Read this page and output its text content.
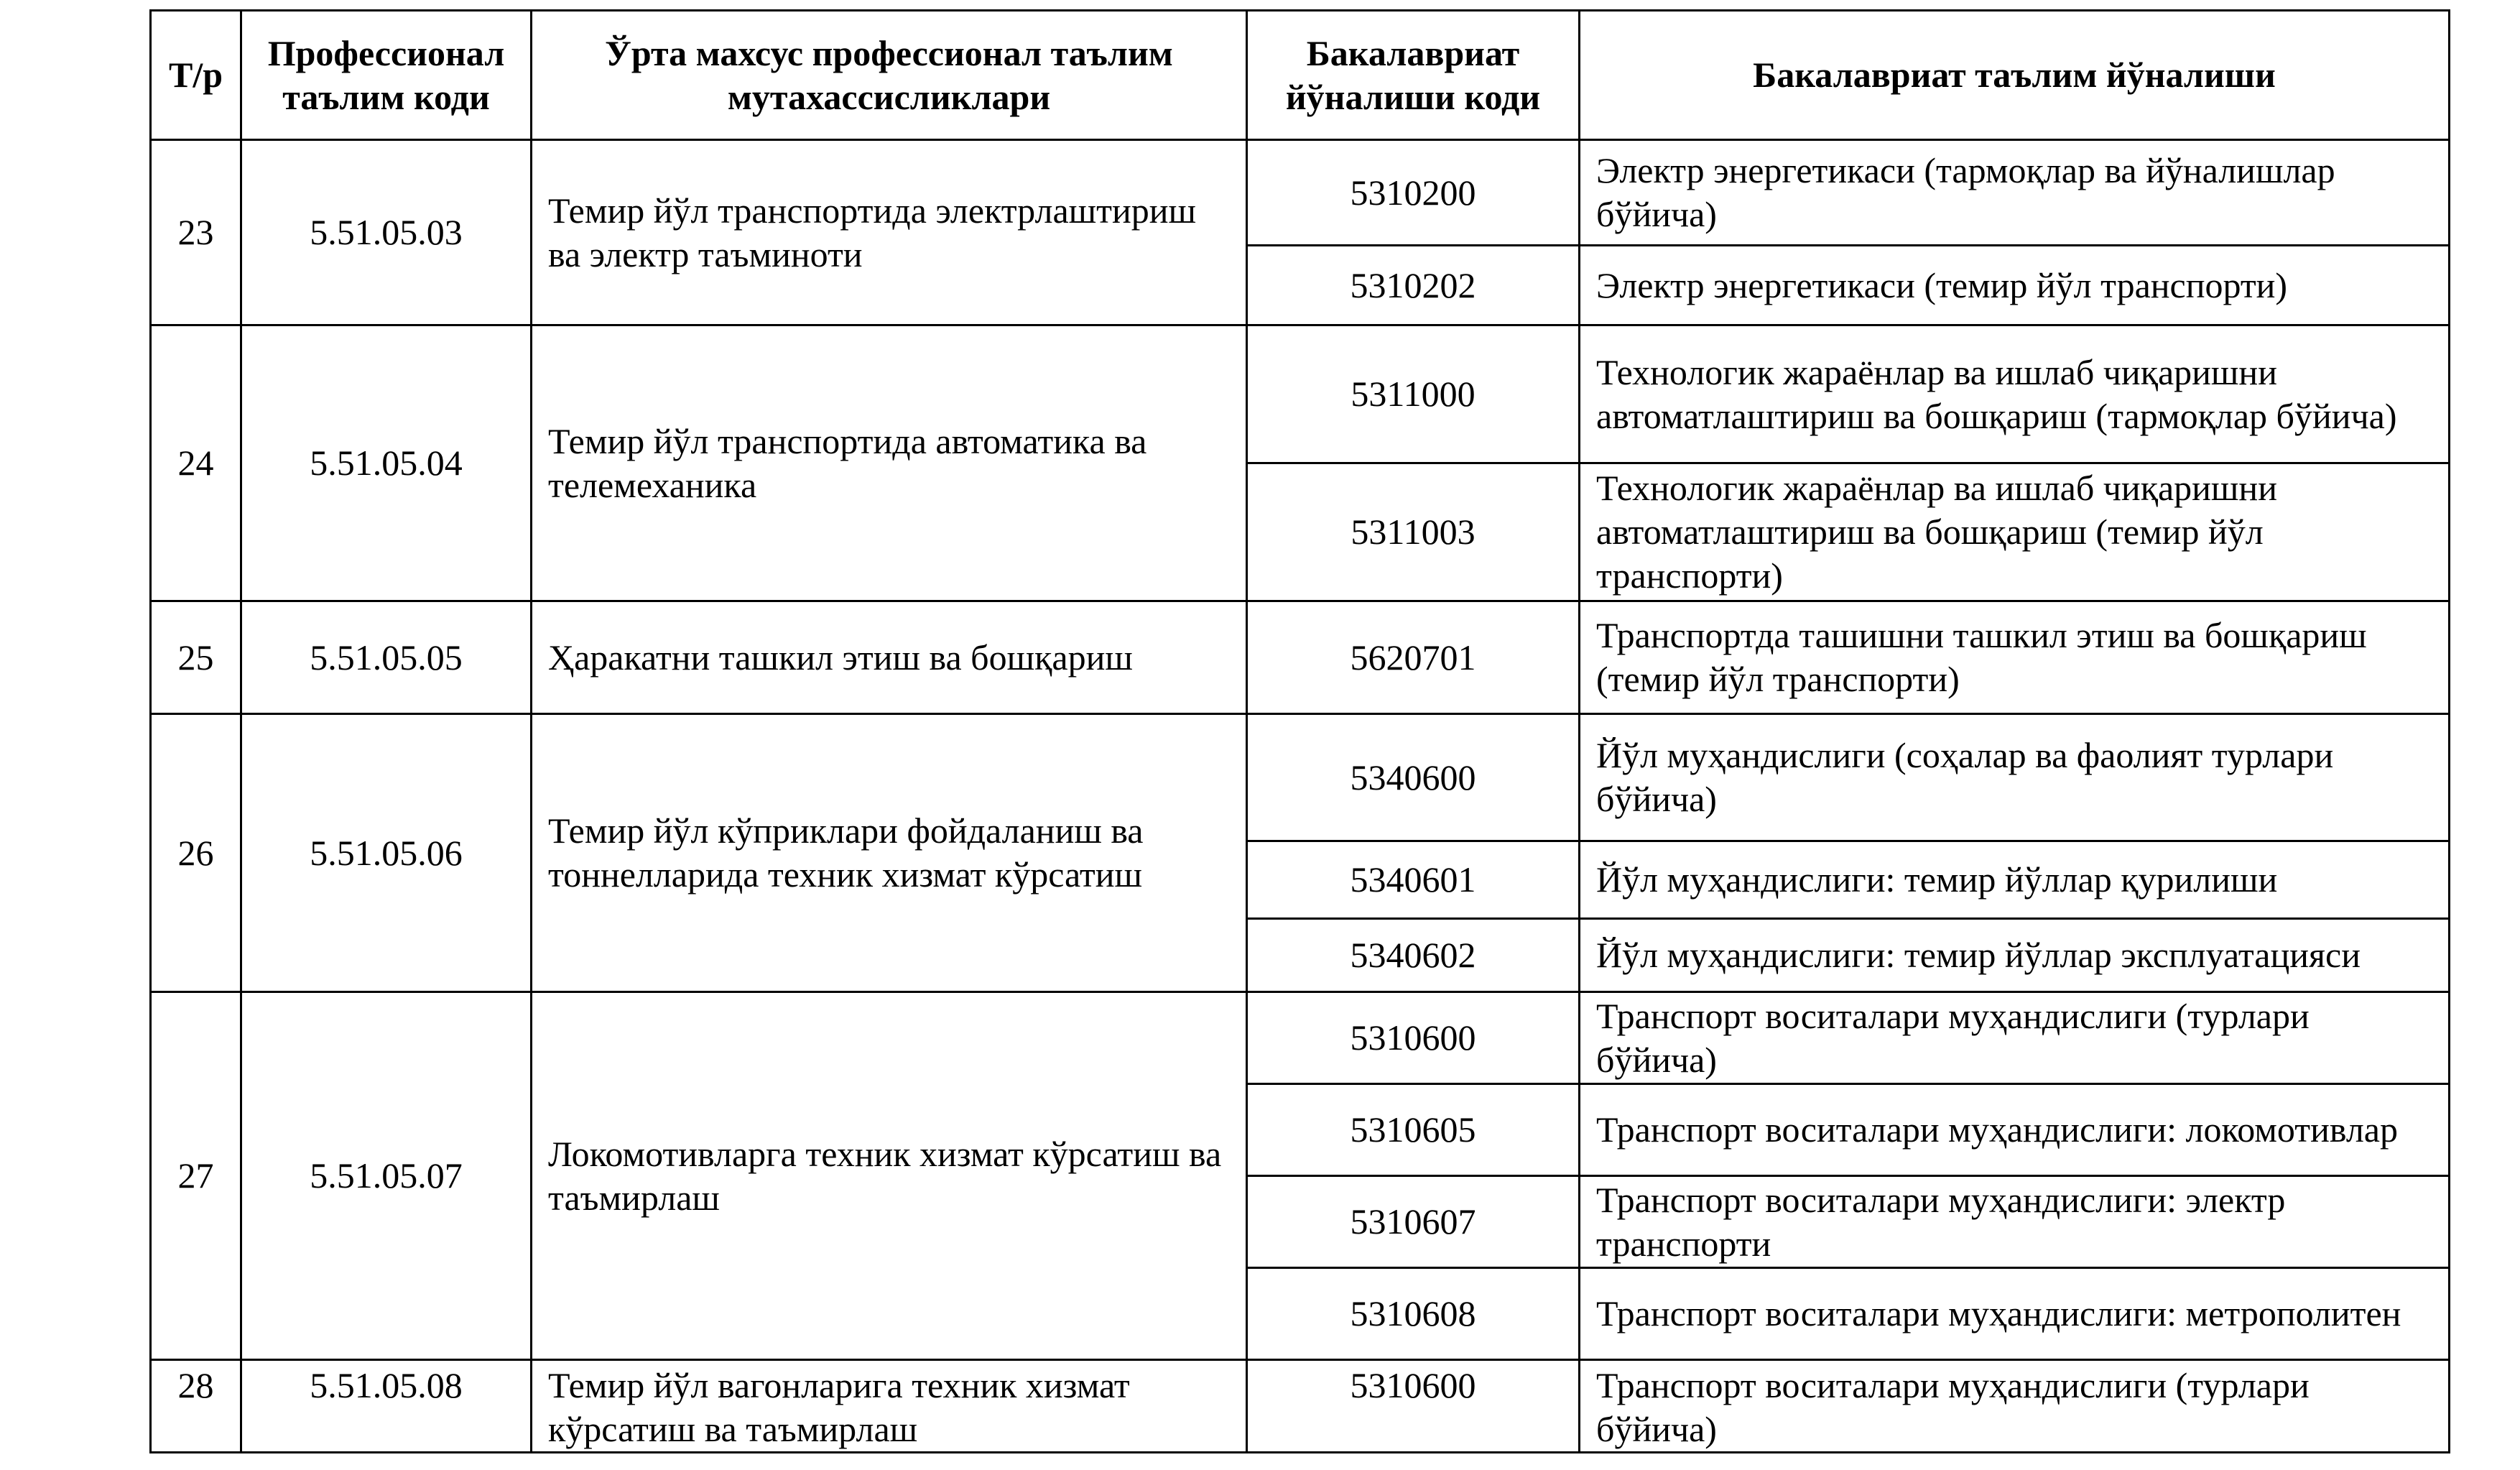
Т/р	Профессионал таълим коди	Ўрта махсус профессионал таълим мутахассисликлари	Бакалавриат йўналиши коди	Бакалавриат таълим йўналиши
23	5.51.05.03	Темир йўл транспортида электрлаштириш ва электр таъминоти	5310200	Электр энергетикаси (тармоқлар ва йўналишлар бўйича)
			5310202	Электр энергетикаси (темир йўл транспорти)
24	5.51.05.04	Темир йўл транспортида автоматика ва телемеханика	5311000	Технологик жараёнлар ва ишлаб чиқаришни автоматлаштириш ва бошқариш (тармоқлар бўйича)
			5311003	Технологик жараёнлар ва ишлаб чиқаришни автоматлаштириш ва бошқариш (темир йўл транспорти)
25	5.51.05.05	Ҳаракатни ташкил этиш ва бошқариш	5620701	Транспортда ташишни ташкил этиш ва бошқариш (темир йўл транспорти)
26	5.51.05.06	Темир йўл кўприклари фойдаланиш ва тоннелларида техник хизмат кўрсатиш	5340600	Йўл муҳандислиги (соҳалар ва фаолият турлари бўйича)
			5340601	Йўл муҳандислиги: темир йўллар қурилиши
			5340602	Йўл муҳандислиги: темир йўллар эксплуатацияси
27	5.51.05.07	Локомотивларга техник хизмат кўрсатиш ва таъмирлаш	5310600	Транспорт воситалари муҳандислиги (турлари бўйича)
			5310605	Транспорт воситалари муҳандислиги: локомотивлар
			5310607	Транспорт воситалари муҳандислиги: электр транспорти
			5310608	Транспорт воситалари муҳандислиги: метрополитен
28	5.51.05.08	Темир йўл вагонларига техник хизмат кўрсатиш ва таъмирлаш	5310600	Транспорт воситалари муҳандислиги (турлари бўйича)
